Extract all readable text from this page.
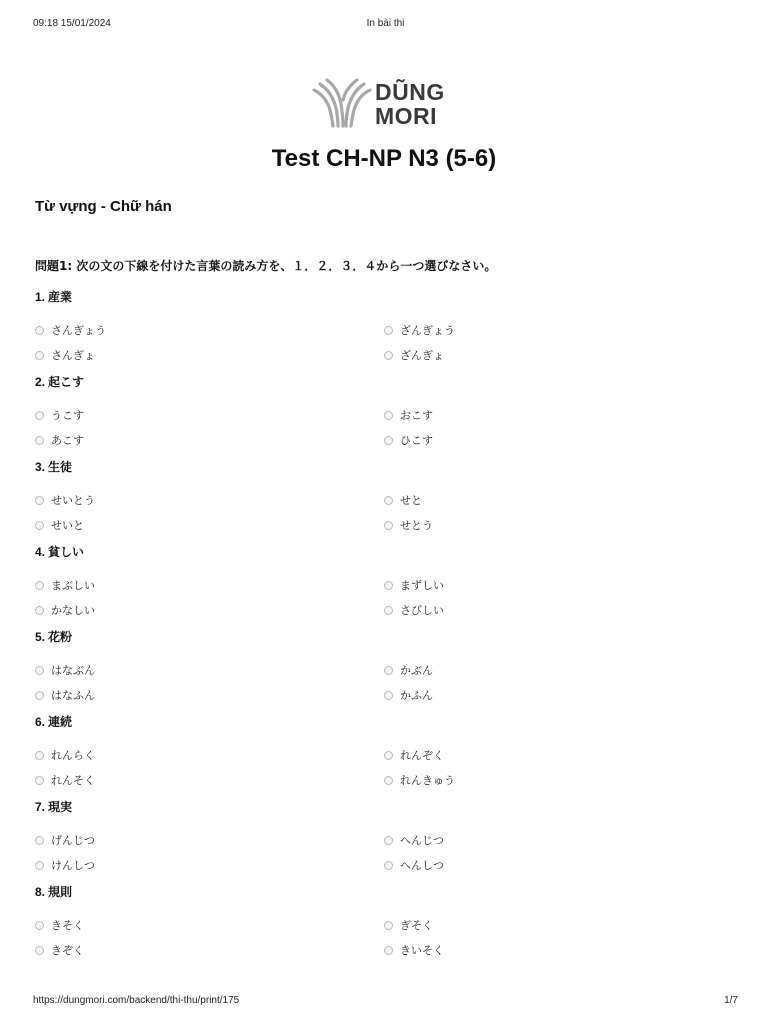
09:18 15/01/2024	In bài thi
DŨNG
MORI
Test CH-NP N3 (5-6)
Từ vựng - Chữ hán
問題1: 次の文の下線を付けた言葉の読み方を、１．２．３．４から一つ選びなさい。
1. 産業
さんぎょう	ざんぎょう
さんぎょ	ざんぎょ
2. 起こす
うこす	おこす
あこす	ひこす
3. 生徒
せいとう	せと
せいと	せとう
4. 貧しい
まぶしい	まずしい
かなしい	さびしい
5. 花粉
はなぶん	かぶん
はなふん	かふん
6. 連続
れんらく	れんぞく
れんそく	れんきゅう
7. 現実
げんじつ	へんじつ
けんしつ	へんしつ
8. 規則
きそく	ぎそく
きぞく	きいそく
https://dungmori.com/backend/thi-thu/print/175	1/7
